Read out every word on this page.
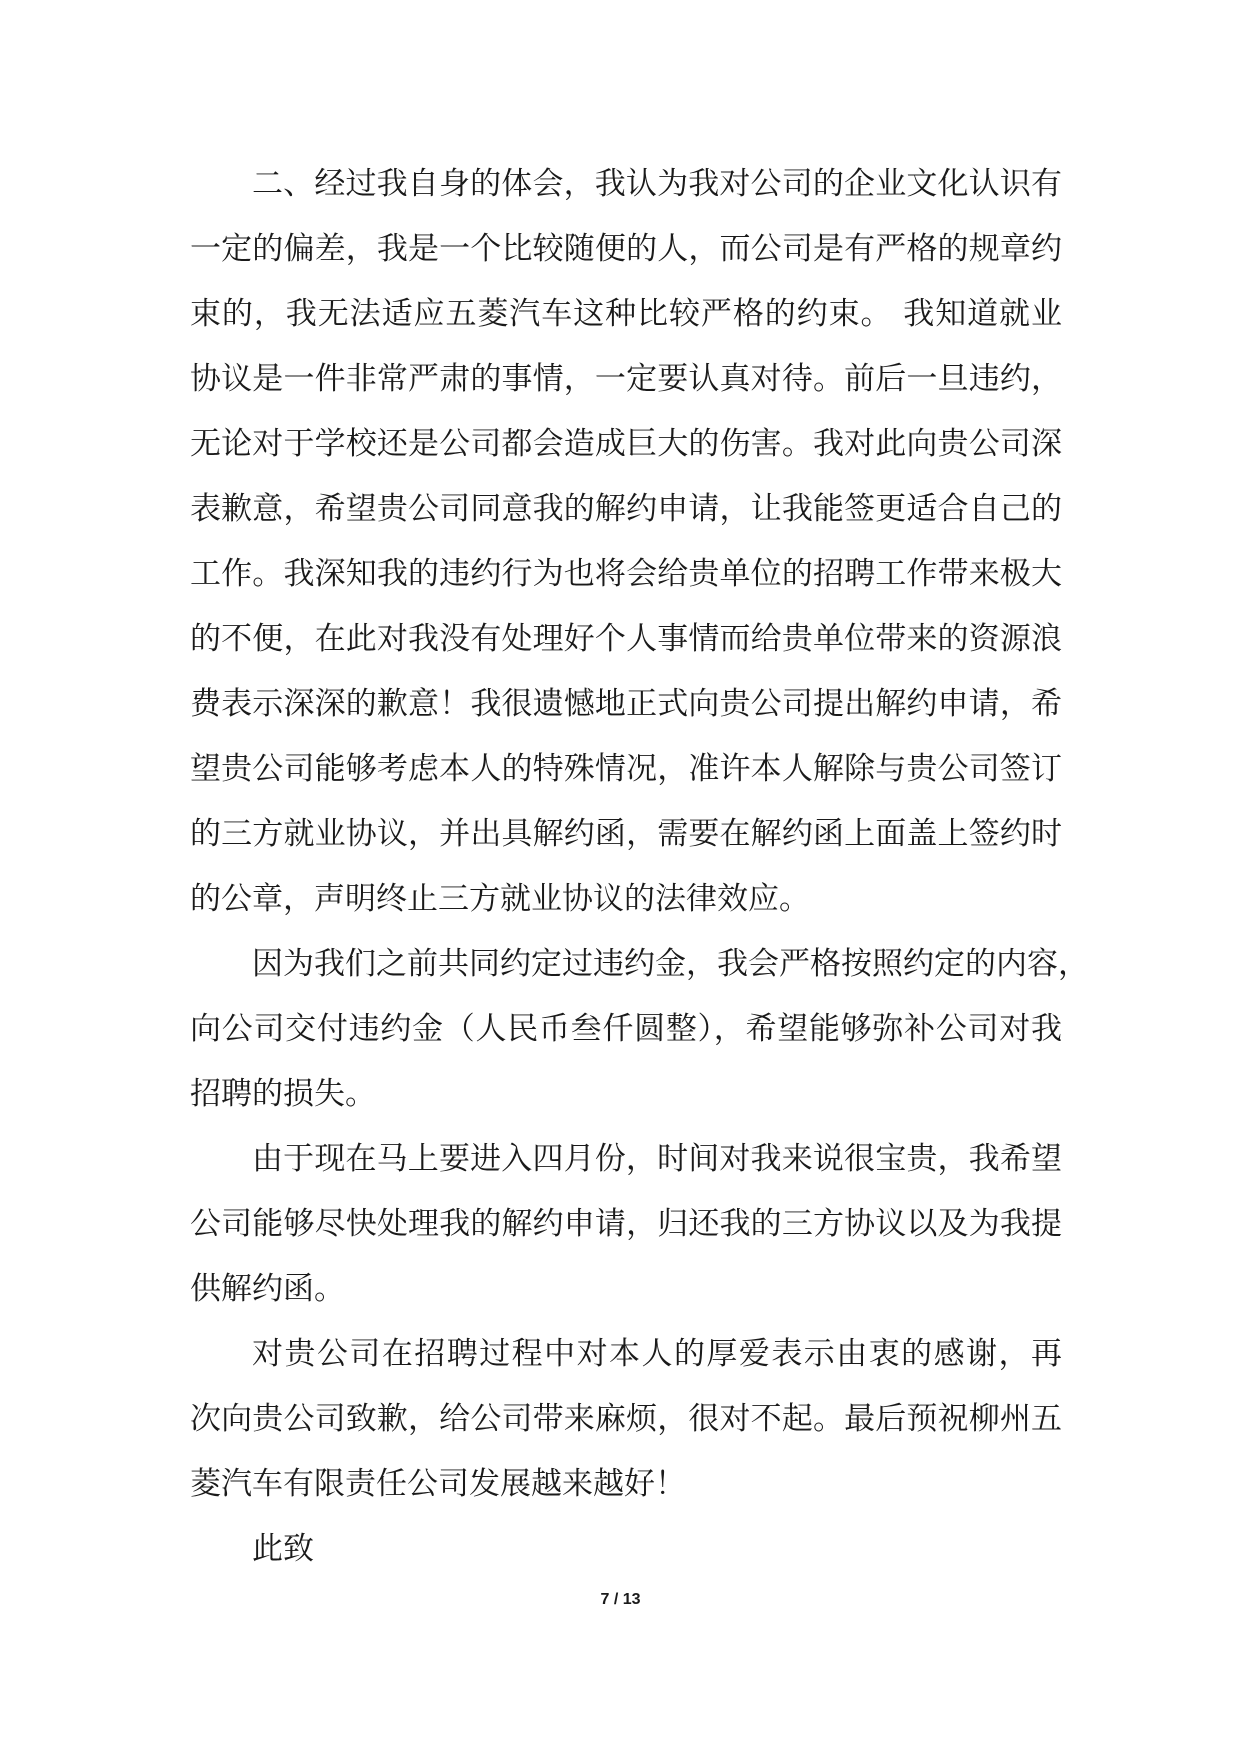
二、经过我自身的体会，我认为我对公司的企业文化认识有
一定的偏差，我是一个比较随便的人，而公司是有严格的规章约
束的，我无法适应五菱汽车这种比较严格的约束。 我知道就业
协议是一件非常严肃的事情，一定要认真对待。前后一旦违约，
无论对于学校还是公司都会造成巨大的伤害。我对此向贵公司深
表歉意，希望贵公司同意我的解约申请，让我能签更适合自己的
工作。我深知我的违约行为也将会给贵单位的招聘工作带来极大
的不便，在此对我没有处理好个人事情而给贵单位带来的资源浪
费表示深深的歉意！我很遗憾地正式向贵公司提出解约申请，希
望贵公司能够考虑本人的特殊情况，准许本人解除与贵公司签订
的三方就业协议，并出具解约函，需要在解约函上面盖上签约时
的公章，声明终止三方就业协议的法律效应。
因为我们之前共同约定过违约金，我会严格按照约定的内容，
向公司交付违约金（人民币叁仟圆整），希望能够弥补公司对我
招聘的损失。
由于现在马上要进入四月份，时间对我来说很宝贵，我希望
公司能够尽快处理我的解约申请，归还我的三方协议以及为我提
供解约函。
对贵公司在招聘过程中对本人的厚爱表示由衷的感谢，再
次向贵公司致歉，给公司带来麻烦，很对不起。最后预祝柳州五
菱汽车有限责任公司发展越来越好！
此致
7 / 13
